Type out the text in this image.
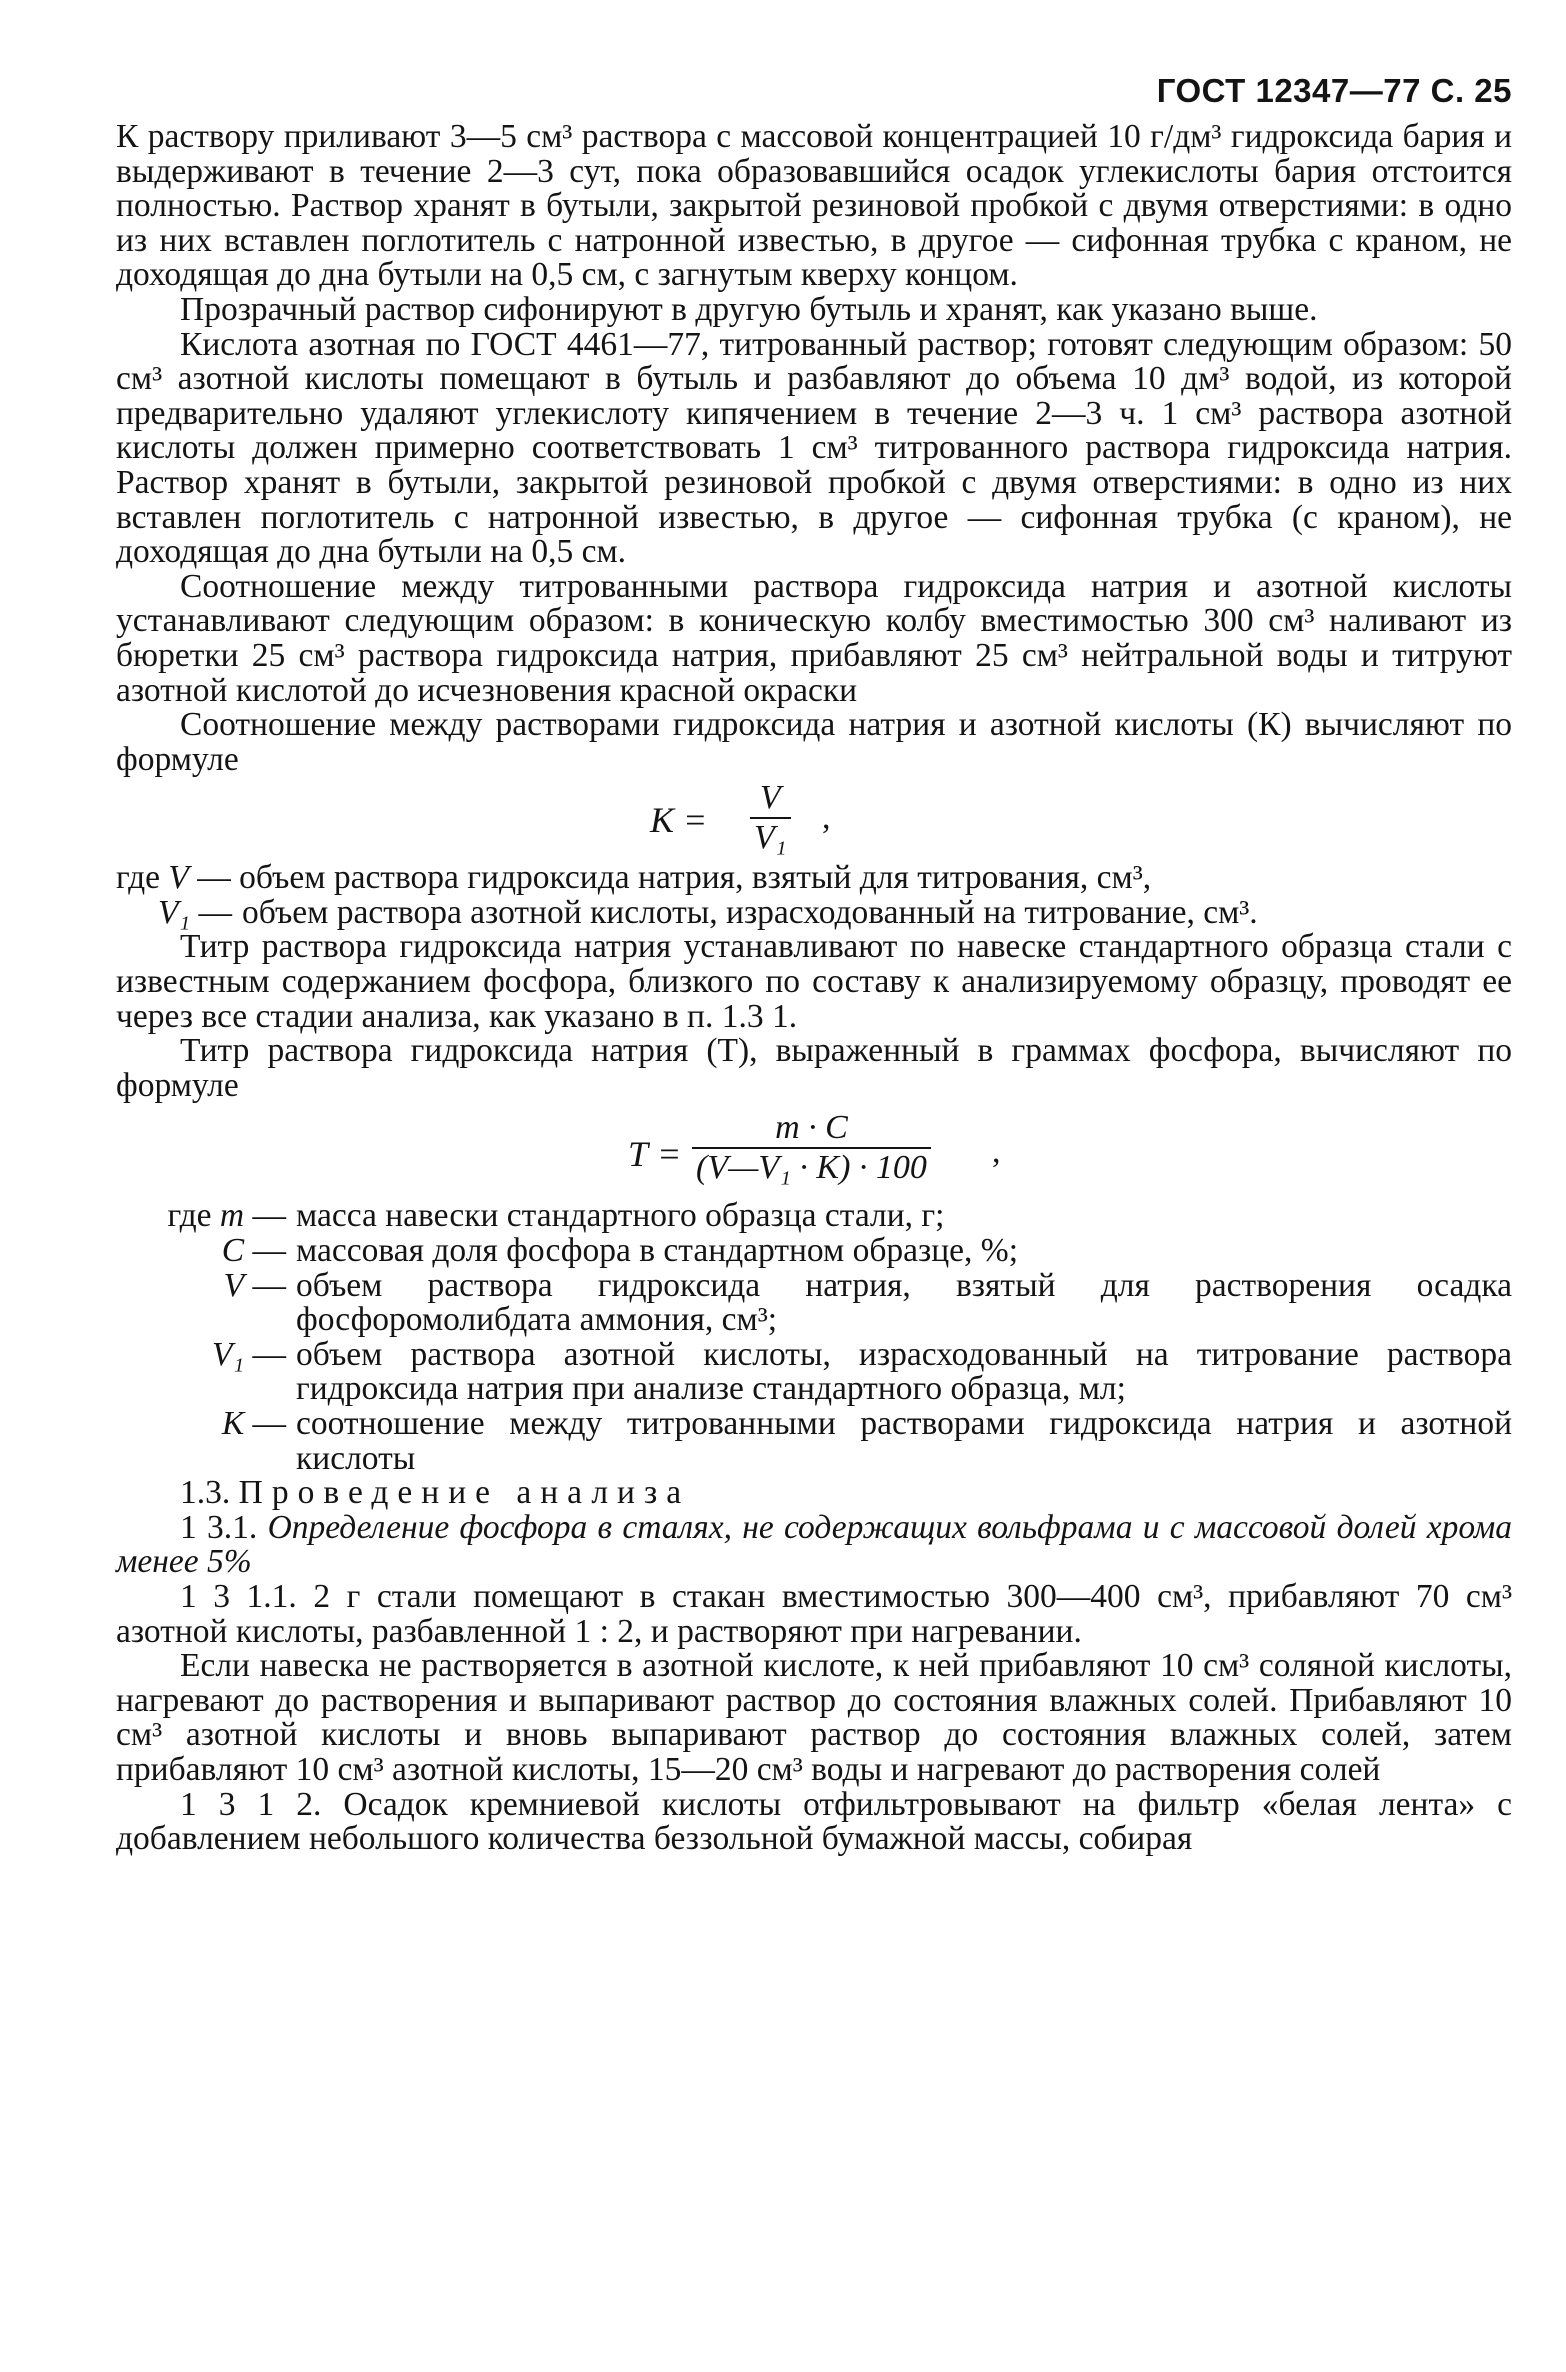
ГОСТ 12347—77 С. 25

К раствору приливают 3—5 см³ раствора с массовой концентрацией 10 г/дм³ гидроксида бария и выдерживают в течение 2—3 сут, пока образовавшийся осадок углекислоты бария отстоится полностью. Раствор хранят в бутыли, закрытой резиновой пробкой с двумя отверстиями: в одно из них вставлен поглотитель с натронной известью, в другое — сифонная трубка с краном, не доходящая до дна бутыли на 0,5 см, с загнутым кверху концом.

Прозрачный раствор сифонируют в другую бутыль и хранят, как указано выше.

Кислота азотная по ГОСТ 4461—77, титрованный раствор; готовят следующим образом: 50 см³ азотной кислоты помещают в бутыль и разбавляют до объема 10 дм³ водой, из которой предварительно удаляют углекислоту кипячением в течение 2—3 ч. 1 см³ раствора азотной кислоты должен примерно соответствовать 1 см³ титрованного раствора гидроксида натрия. Раствор хранят в бутыли, закрытой резиновой пробкой с двумя отверстиями: в одно из них вставлен поглотитель с натронной известью, в другое — сифонная трубка (с краном), не доходящая до дна бутыли на 0,5 см.

Соотношение между титрованными раствора гидроксида натрия и азотной кислоты устанавливают следующим образом: в коническую колбу вместимостью 300 см³ наливают из бюретки 25 см³ раствора гидроксида натрия, прибавляют 25 см³ нейтральной воды и титруют азотной кислотой до исчезновения красной окраски

Соотношение между растворами гидроксида натрия и азотной кислоты (К) вычисляют по формуле

К =
V
V₁
,
где V — объем раствора гидроксида натрия, взятый для титрования, см³,
V₁ — объем раствора азотной кислоты, израсходованный на титрование, см³.

Титр раствора гидроксида натрия устанавливают по навеске стандартного образца стали с известным содержанием фосфора, близкого по составу к анализируемому образцу, проводят ее через все стадии анализа, как указано в п. 1.3 1.

Титр раствора гидроксида натрия (Т), выраженный в граммах фосфора, вычисляют по формуле

Т =
m · C
(V—V₁ · K) · 100 ,
где m — масса навески стандартного образца стали, г;
C — массовая доля фосфора в стандартном образце, %;
V — объем раствора гидроксида натрия, взятый для растворения осадка фосфоромолибдата аммония, см³;
V₁ — объем раствора азотной кислоты, израсходованный на титрование раствора гидроксида натрия при анализе стандартного образца, мл;
К — соотношение между титрованными растворами гидроксида натрия и азотной кислоты

1.3. Проведение анализа

1 3.1. Определение фосфора в сталях, не содержащих вольфрама и с массовой долей хрома менее 5%

1 3 1.1. 2 г стали помещают в стакан вместимостью 300—400 см³, прибавляют 70 см³ азотной кислоты, разбавленной 1 : 2, и растворяют при нагревании.

Если навеска не растворяется в азотной кислоте, к ней прибавляют 10 см³ соляной кислоты, нагревают до растворения и выпаривают раствор до состояния влажных солей. Прибавляют 10 см³ азотной кислоты и вновь выпаривают раствор до состояния влажных солей, затем прибавляют 10 см³ азотной кислоты, 15—20 см³ воды и нагревают до растворения солей

1 3 1 2. Осадок кремниевой кислоты отфильтровывают на фильтр «белая лента» с добавлением небольшого количества беззольной бумажной массы, собирая
